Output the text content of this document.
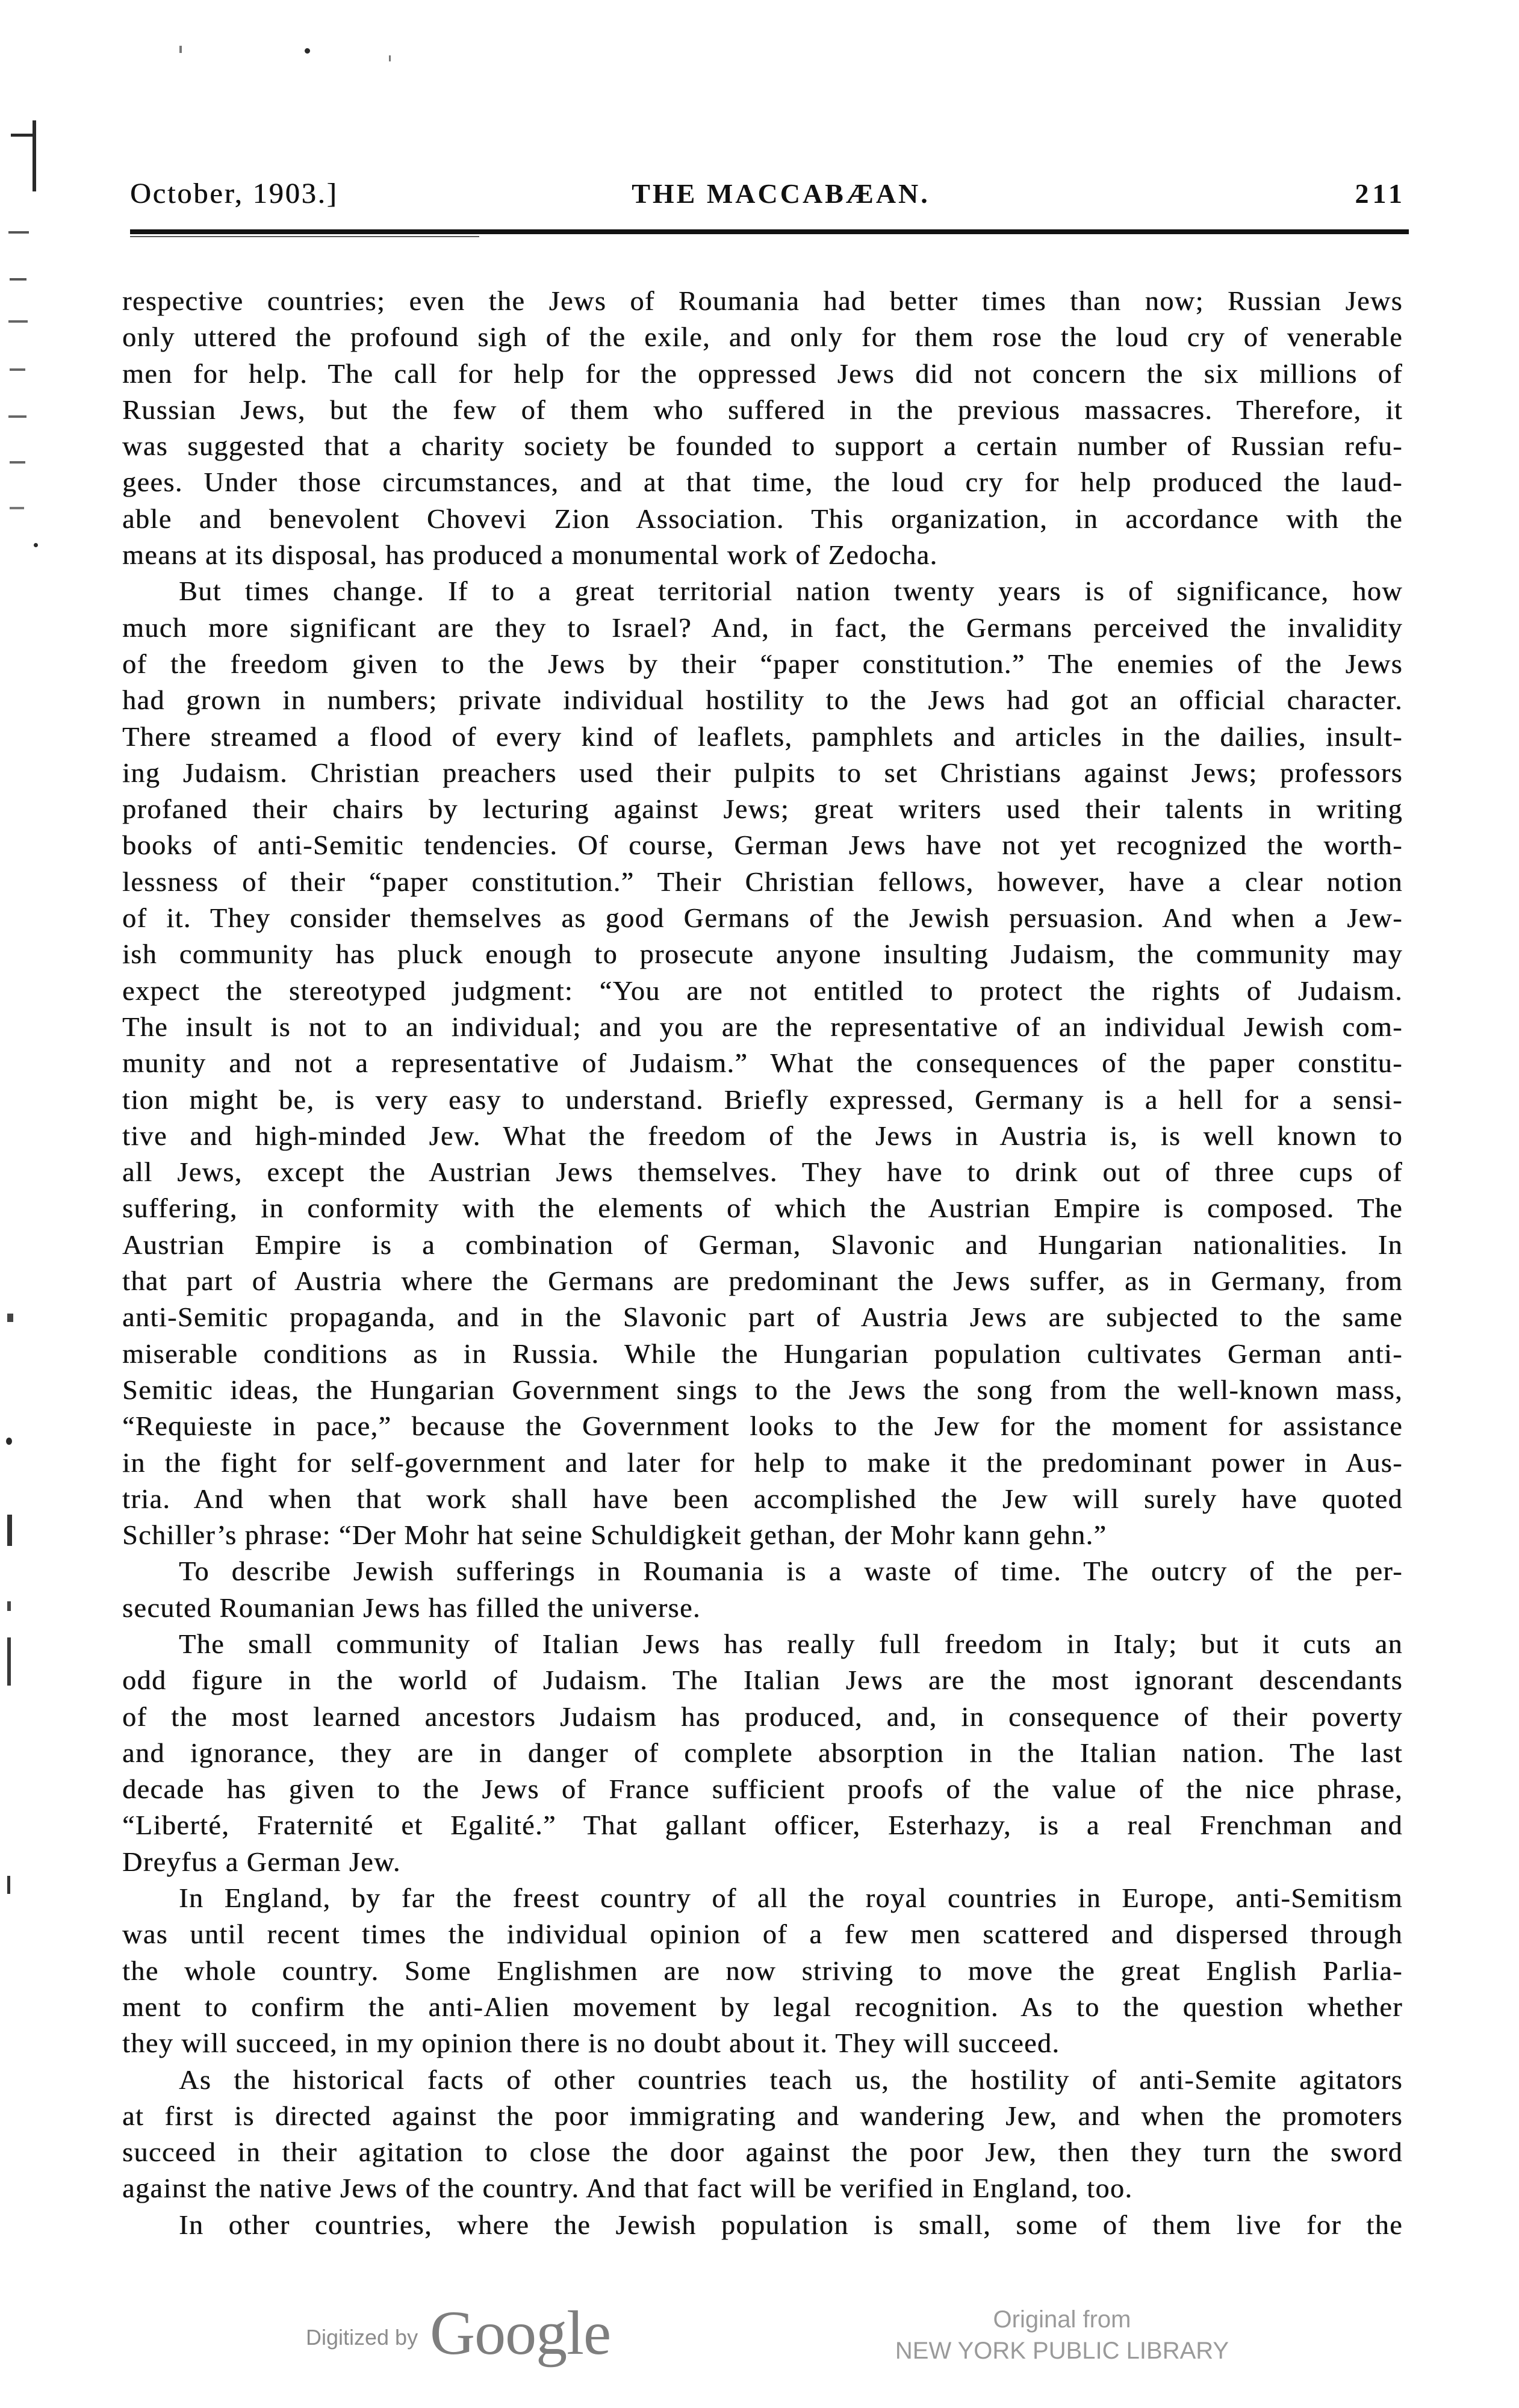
October, 1903.]	THE MACCABÆAN.	211
respective countries; even the Jews of Roumania had better times than now; Russian Jews
only uttered the profound sigh of the exile, and only for them rose the loud cry of venerable
men for help. The call for help for the oppressed Jews did not concern the six millions of
Russian Jews, but the few of them who suffered in the previous massacres. Therefore, it
was suggested that a charity society be founded to support a certain number of Russian refu-
gees. Under those circumstances, and at that time, the loud cry for help produced the laud-
able and benevolent Chovevi Zion Association. This organization, in accordance with the
means at its disposal, has produced a monumental work of Zedocha.
But times change. If to a great territorial nation twenty years is of significance, how
much more significant are they to Israel? And, in fact, the Germans perceived the invalidity
of the freedom given to the Jews by their “paper constitution.” The enemies of the Jews
had grown in numbers; private individual hostility to the Jews had got an official character.
There streamed a flood of every kind of leaflets, pamphlets and articles in the dailies, insult-
ing Judaism. Christian preachers used their pulpits to set Christians against Jews; professors
profaned their chairs by lecturing against Jews; great writers used their talents in writing
books of anti-Semitic tendencies. Of course, German Jews have not yet recognized the worth-
lessness of their “paper constitution.” Their Christian fellows, however, have a clear notion
of it. They consider themselves as good Germans of the Jewish persuasion. And when a Jew-
ish community has pluck enough to prosecute anyone insulting Judaism, the community may
expect the stereotyped judgment: “You are not entitled to protect the rights of Judaism.
The insult is not to an individual; and you are the representative of an individual Jewish com-
munity and not a representative of Judaism.” What the consequences of the paper constitu-
tion might be, is very easy to understand. Briefly expressed, Germany is a hell for a sensi-
tive and high-minded Jew. What the freedom of the Jews in Austria is, is well known to
all Jews, except the Austrian Jews themselves. They have to drink out of three cups of
suffering, in conformity with the elements of which the Austrian Empire is composed. The
Austrian Empire is a combination of German, Slavonic and Hungarian nationalities. In
that part of Austria where the Germans are predominant the Jews suffer, as in Germany, from
anti-Semitic propaganda, and in the Slavonic part of Austria Jews are subjected to the same
miserable conditions as in Russia. While the Hungarian population cultivates German anti-
Semitic ideas, the Hungarian Government sings to the Jews the song from the well-known mass,
“Requieste in pace,” because the Government looks to the Jew for the moment for assistance
in the fight for self-government and later for help to make it the predominant power in Aus-
tria. And when that work shall have been accomplished the Jew will surely have quoted
Schiller’s phrase: “Der Mohr hat seine Schuldigkeit gethan, der Mohr kann gehn.”
To describe Jewish sufferings in Roumania is a waste of time. The outcry of the per-
secuted Roumanian Jews has filled the universe.
The small community of Italian Jews has really full freedom in Italy; but it cuts an
odd figure in the world of Judaism. The Italian Jews are the most ignorant descendants
of the most learned ancestors Judaism has produced, and, in consequence of their poverty
and ignorance, they are in danger of complete absorption in the Italian nation. The last
decade has given to the Jews of France sufficient proofs of the value of the nice phrase,
“Liberté, Fraternité et Egalité.” That gallant officer, Esterhazy, is a real Frenchman and
Dreyfus a German Jew.
In England, by far the freest country of all the royal countries in Europe, anti-Semitism
was until recent times the individual opinion of a few men scattered and dispersed through
the whole country. Some Englishmen are now striving to move the great English Parlia-
ment to confirm the anti-Alien movement by legal recognition. As to the question whether
they will succeed, in my opinion there is no doubt about it. They will succeed.
As the historical facts of other countries teach us, the hostility of anti-Semite agitators
at first is directed against the poor immigrating and wandering Jew, and when the promoters
succeed in their agitation to close the door against the poor Jew, then they turn the sword
against the native Jews of the country. And that fact will be verified in England, too.
In other countries, where the Jewish population is small, some of them live for the
Digitized by Google	Original from
NEW YORK PUBLIC LIBRARY
